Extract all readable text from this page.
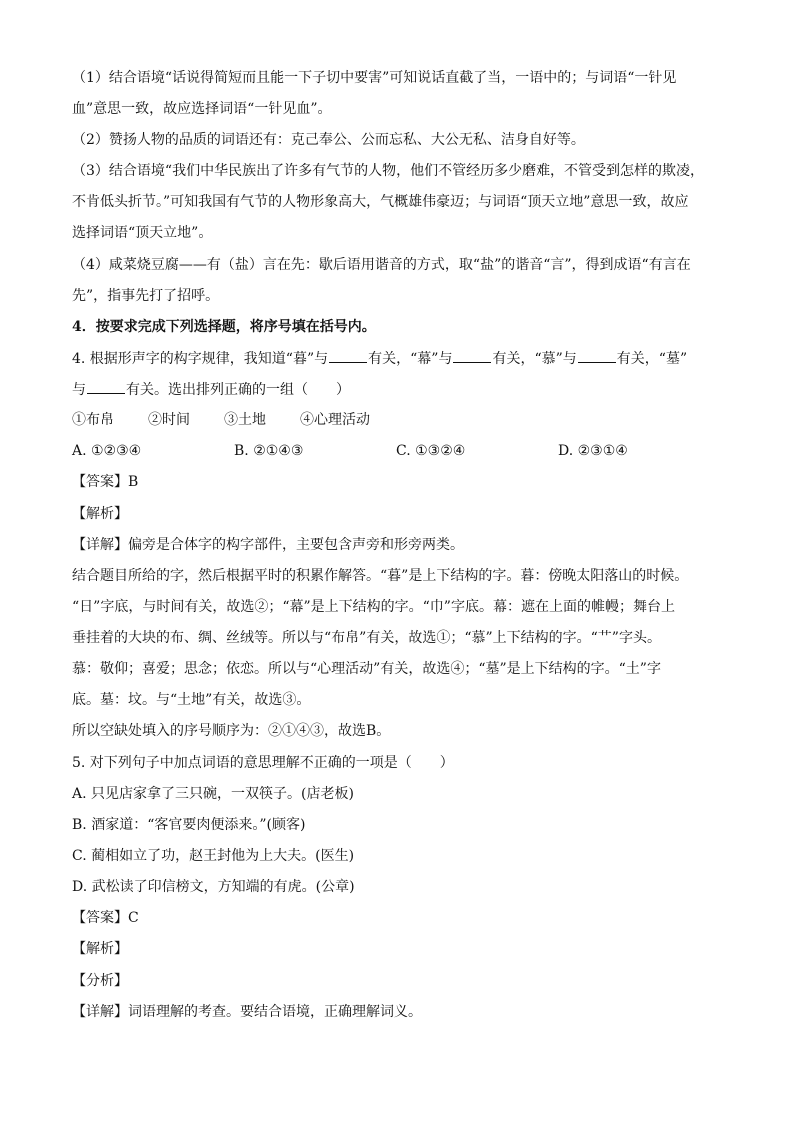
（1）结合语境“话说得简短而且能一下子切中要害”可知说话直截了当，一语中的；与词语“一针见
血”意思一致，故应选择词语“一针见血”。
（2）赞扬人物的品质的词语还有：克己奉公、公而忘私、大公无私、洁身自好等。
（3）结合语境“我们中华民族出了许多有气节的人物，他们不管经历多少磨难，不管受到怎样的欺凌，
不肯低头折节。”可知我国有气节的人物形象高大，气概雄伟豪迈；与词语“顶天立地”意思一致，故应
选择词语“顶天立地”。
（4）咸菜烧豆腐——有（盐）言在先：歇后语用谐音的方式，取“盐”的谐音“言”，得到成语“有言在
先”，指事先打了招呼。
4．按要求完成下列选择题，将序号填在括号内。
4. 根据形声字的构字规律，我知道“暮”与	有关，“幕”与	有关，“慕”与	有关，“墓”
与	有关。选出排列正确的一组（　　）
①布帛 ②时间 ③土地 ④心理活动
A. ①②③④	B. ②①④③	C. ①③②④	D. ②③①④
【答案】B
【解析】
【详解】偏旁是合体字的构字部件，主要包含声旁和形旁两类。
结合题目所给的字，然后根据平时的积累作解答。“暮”是上下结构的字。暮：傍晚太阳落山的时候。
“日”字底，与时间有关，故选②；“幕”是上下结构的字。“巾”字底。幕：遮在上面的帷幔；舞台上
垂挂着的大块的布、绸、丝绒等。所以与“布帛”有关，故选①；“慕”上下结构的字。“艹”字头。
慕：敬仰；喜爱；思念；依恋。所以与“心理活动”有关，故选④；“墓”是上下结构的字。“土”字
底。墓：坟。与“土地”有关，故选③。
所以空缺处填入的序号顺序为：②①④③，故选B。
5. 对下列句子中加点词语的意思理解不正确的一项是（　　）
A. 只见店家拿了三只碗，一双筷子。(店老板)
B. 酒家道：“客官要肉便添来。”(顾客)
C. 蔺相如立了功，赵王封他为上大夫。(医生)
D. 武松读了印信榜文，方知端的有虎。(公章)
【答案】C
【解析】
【分析】
【详解】词语理解的考查。要结合语境，正确理解词义。
